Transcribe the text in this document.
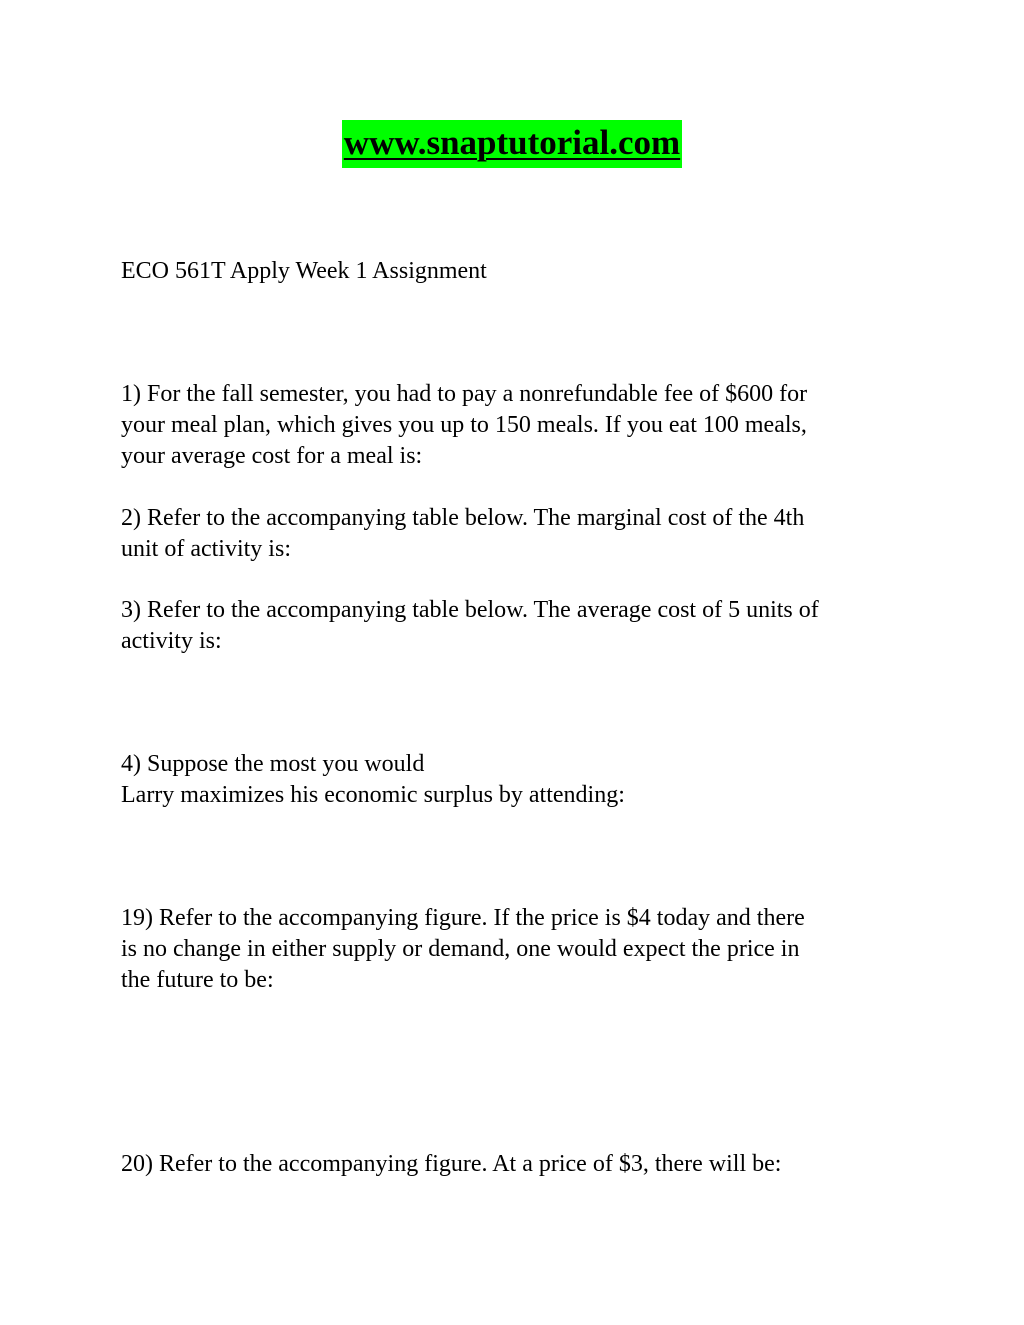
www.snaptutorial.com
ECO 561T Apply Week 1 Assignment
1) For the fall semester, you had to pay a nonrefundable fee of $600 for
your meal plan, which gives you up to 150 meals. If you eat 100 meals,
your average cost for a meal is:
2) Refer to the accompanying table below. The marginal cost of the 4th
unit of activity is:
3) Refer to the accompanying table below. The average cost of 5 units of
activity is:
4) Suppose the most you would
Larry maximizes his economic surplus by attending:
19) Refer to the accompanying figure. If the price is $4 today and there
is no change in either supply or demand, one would expect the price in
the future to be:
20) Refer to the accompanying figure. At a price of $3, there will be:
